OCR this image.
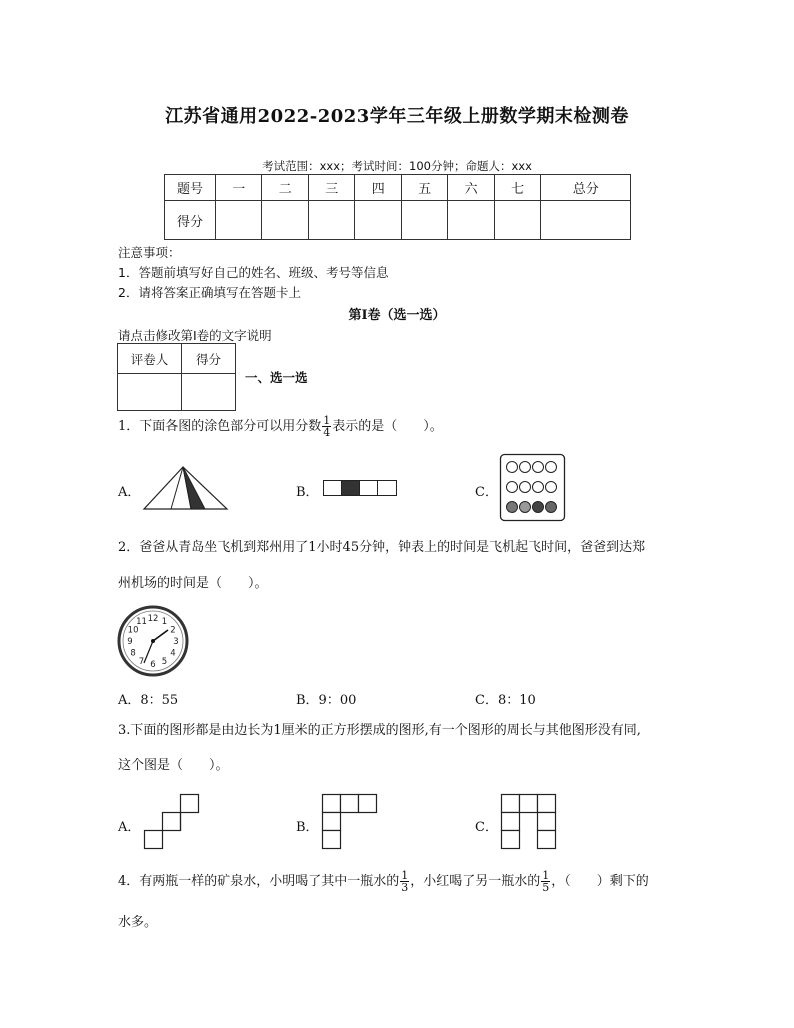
江苏省通用2022-2023学年三年级上册数学期末检测卷
考试范围：xxx；考试时间：100分钟；命题人：xxx
题号	一	二	三	四	五	六	七	总分
得分								
注意事项：
1．答题前填写好自己的姓名、班级、考号等信息
2．请将答案正确填写在答题卡上
第I卷（选一选）
请点击修改第I卷的文字说明
评卷人	得分

一、选一选
1．下面各图的涂色部分可以用分数 $\frac{1}{4}$ 表示的是（　　）。
A．	B．	C．
2．爸爸从青岛坐飞机到郑州用了1小时45分钟，钟表上的时间是飞机起飞时间，爸爸到达郑
州机场的时间是（　　）。
12 1
2
3
4
5
6
7
8
9
10
11
A．8：55	B．9：00	C．8：10
3.下面的图形都是由边长为1厘米的正方形摆成的图形,有一个图形的周长与其他图形没有同,
这个图是（　　）。
A．	B．	C．
4．有两瓶一样的矿泉水，小明喝了其中一瓶水的 $\frac{1}{3}$ ，小红喝了另一瓶水的 $\frac{1}{5}$ ，（　　）剩下的
水多。
